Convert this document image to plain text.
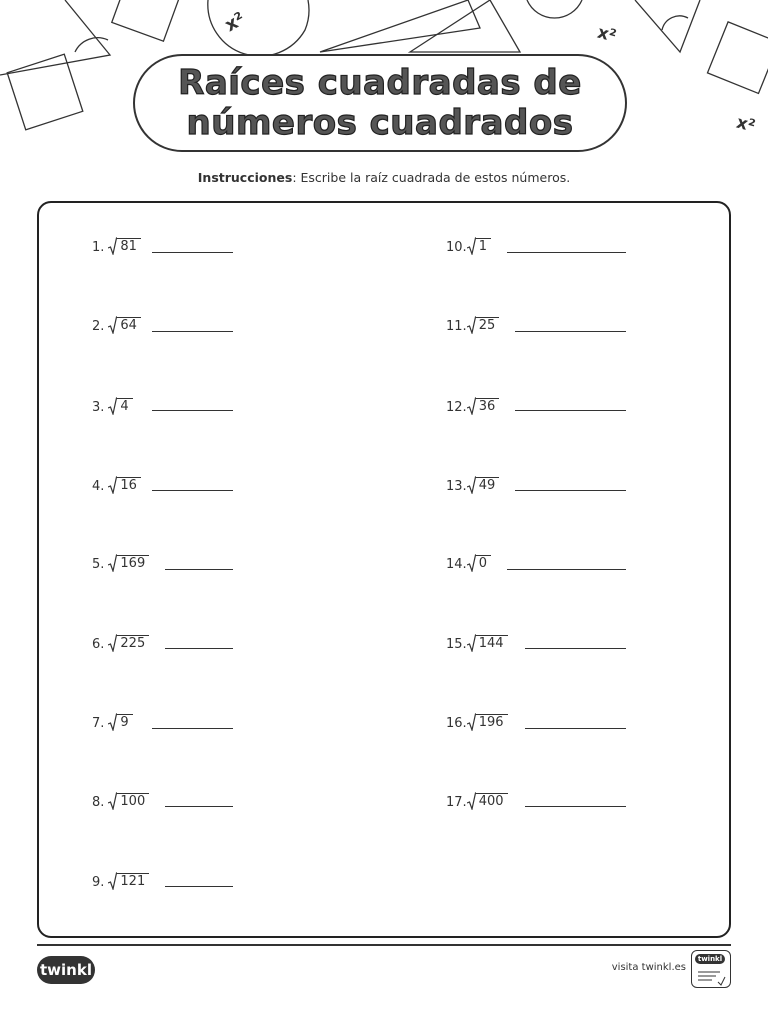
x²	x²
x²
Raíces cuadradas de
números cuadrados
Instrucciones: Escribe la raíz cuadrada de estos números.
1. 81
2. 64
3. 4
4. 16
5. 169
6. 225
7. 9
8. 100
9. 121
10. 1
11. 25
12. 36
13. 49
14. 0
15. 144
16. 196
17. 400
twinkl	visita twinkl.es
twinkl
